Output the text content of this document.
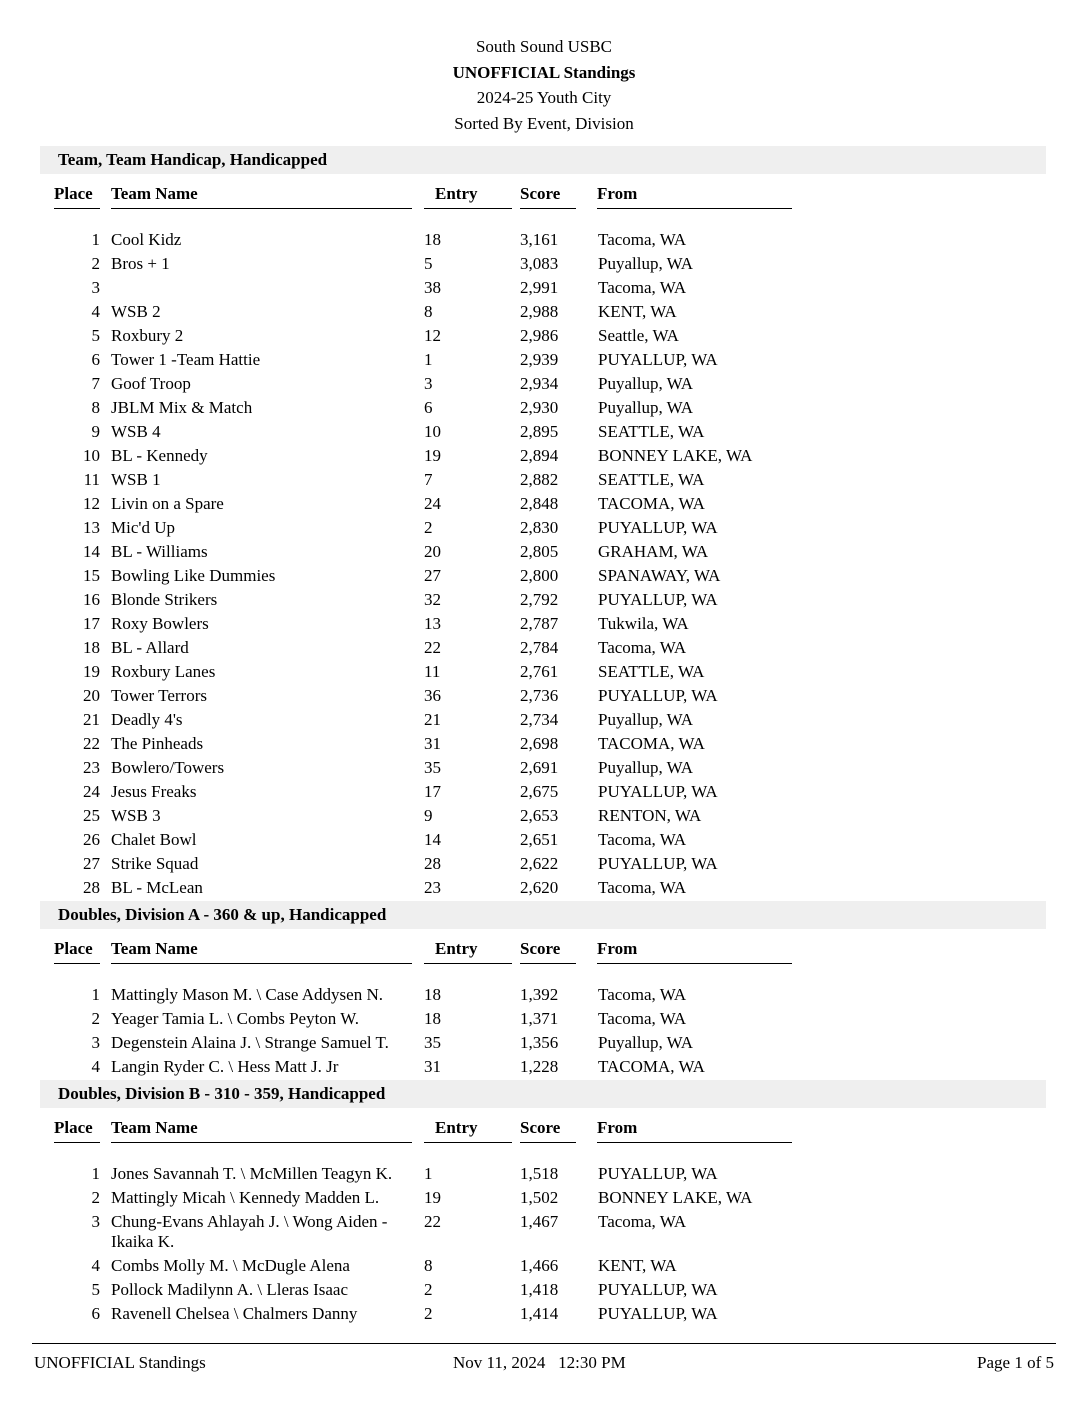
South Sound USBC
UNOFFICIAL Standings
2024-25 Youth City
Sorted By Event, Division
Team, Team Handicap, Handicapped
Place Team Name	Entry	Score From
1 Cool Kidz	18	3,161 Tacoma, WA
2 Bros + 1	5	3,083 Puyallup, WA
3	38	2,991 Tacoma, WA
4 WSB 2	8	2,988 KENT, WA
5 Roxbury 2	12	2,986 Seattle, WA
6 Tower 1 -Team Hattie	1	2,939 PUYALLUP, WA
7 Goof Troop	3	2,934 Puyallup, WA
8 JBLM Mix & Match	6	2,930 Puyallup, WA
9 WSB 4	10	2,895 SEATTLE, WA
10 BL - Kennedy	19	2,894 BONNEY LAKE, WA
11 WSB 1	7	2,882 SEATTLE, WA
12 Livin on a Spare	24	2,848 TACOMA, WA
13 Mic'd Up	2	2,830 PUYALLUP, WA
14 BL - Williams	20	2,805 GRAHAM, WA
15 Bowling Like Dummies	27	2,800 SPANAWAY, WA
16 Blonde Strikers	32	2,792 PUYALLUP, WA
17 Roxy Bowlers	13	2,787 Tukwila, WA
18 BL - Allard	22	2,784 Tacoma, WA
19 Roxbury Lanes	11	2,761 SEATTLE, WA
20 Tower Terrors	36	2,736 PUYALLUP, WA
21 Deadly 4's	21	2,734 Puyallup, WA
22 The Pinheads	31	2,698 TACOMA, WA
23 Bowlero/Towers	35	2,691 Puyallup, WA
24 Jesus Freaks	17	2,675 PUYALLUP, WA
25 WSB 3	9	2,653 RENTON, WA
26 Chalet Bowl	14	2,651 Tacoma, WA
27 Strike Squad	28	2,622 PUYALLUP, WA
28 BL - McLean	23	2,620 Tacoma, WA
Doubles, Division A - 360 & up, Handicapped
Place Team Name	Entry	Score From
1 Mattingly Mason M. \ Case Addysen N.	18	1,392 Tacoma, WA
2 Yeager Tamia L. \ Combs Peyton W.	18	1,371 Tacoma, WA
3 Degenstein Alaina J. \ Strange Samuel T.	35	1,356 Puyallup, WA
4 Langin Ryder C. \ Hess Matt J. Jr	31	1,228 TACOMA, WA
Doubles, Division B - 310 - 359, Handicapped
Place Team Name	Entry	Score From
1 Jones Savannah T. \ McMillen Teagyn K.	1	1,518 PUYALLUP, WA
2 Mattingly Micah \ Kennedy Madden L.	19	1,502 BONNEY LAKE, WA
3 Chung-Evans Ahlayah J. \ Wong Aiden - Ikaika K.
22	1,467 Tacoma, WA
4 Combs Molly M. \ McDugle Alena	8	1,466 KENT, WA
5 Pollock Madilynn A. \ Lleras Isaac	2	1,418 PUYALLUP, WA
6 Ravenell Chelsea \ Chalmers Danny	2	1,414 PUYALLUP, WA
UNOFFICIAL Standings	Nov 11, 2024   12:30 PM	Page 1 of 5
